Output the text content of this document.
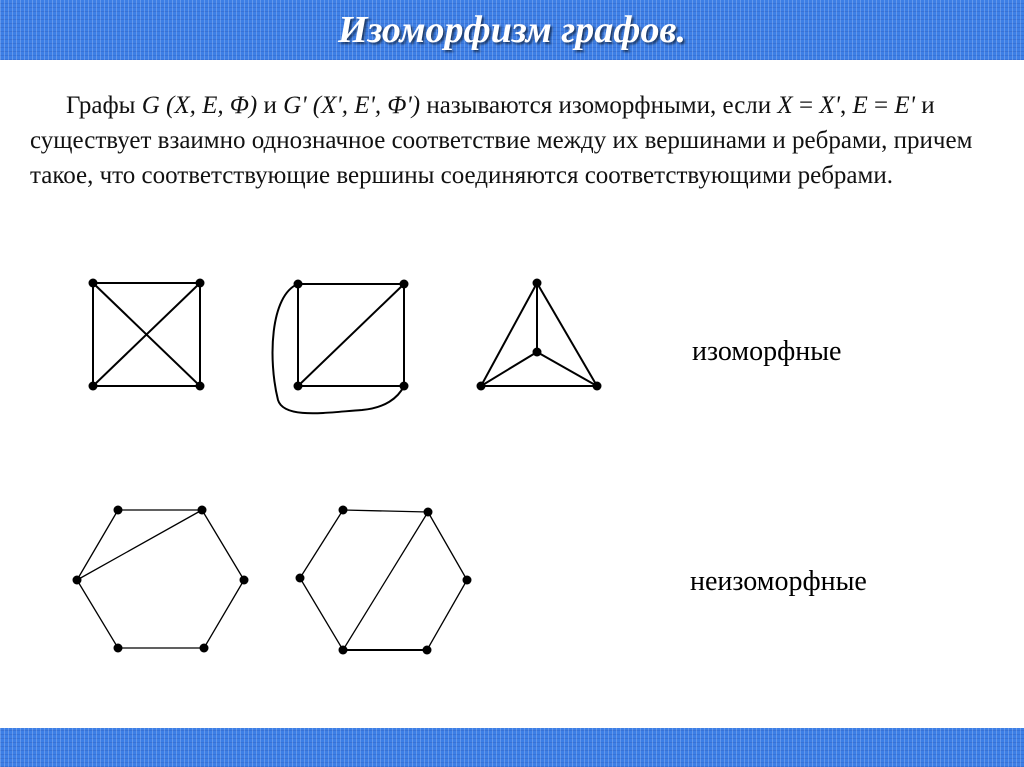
Изоморфизм графов.

Графы G (X, E, Φ) и G' (X', E', Φ') называются изоморфными, если X = X', E = E' и существует взаимно однозначное соответствие между их вершинами и ребрами, причем такое, что соответствующие вершины соединяются соответствующими ребрами.

изоморфные
неизоморфные
